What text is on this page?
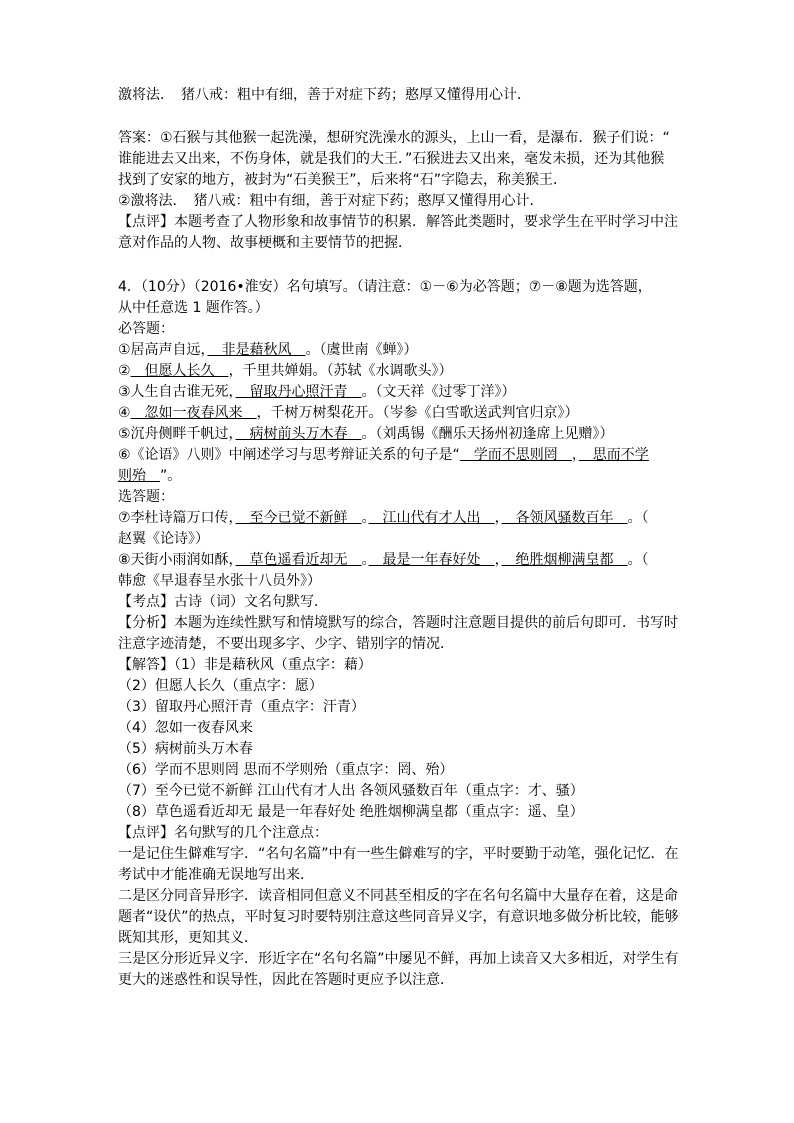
激将法．　猪八戒：粗中有细，善于对症下药；憨厚又懂得用心计．
答案：①石猴与其他猴一起洗澡，想研究洗澡水的源头，上山一看，是瀑布．猴子们说：“
谁能进去又出来，不伤身体，就是我们的大王．”石猴进去又出来，毫发未损，还为其他猴
找到了安家的地方，被封为“石美猴王”，后来将“石”字隐去，称美猴王．
②激将法．　猪八戒：粗中有细，善于对症下药；憨厚又懂得用心计．
【点评】本题考查了人物形象和故事情节的积累．解答此类题时，要求学生在平时学习中注
意对作品的人物、故事梗概和主要情节的把握．
4．（10分）（2016•淮安）名句填写。（请注意：①－⑥为必答题；⑦－⑧题为选答题，
从中任意选 1 题作答。）
必答题：
①居高声自远，　非是藉秋风　。（虞世南《蝉》）
②　但愿人长久　，千里共婵娟。（苏轼《水调歌头》）
③人生自古谁无死，　留取丹心照汗青　。（文天祥《过零丁洋》）
④　忽如一夜春风来　，千树万树梨花开。（岑参《白雪歌送武判官归京》）
⑤沉舟侧畔千帆过，　病树前头万木春　。（刘禹锡《酬乐天扬州初逢席上见赠》）
⑥《论语》八则》中阐述学习与思考辩证关系的句子是“　学而不思则罔　，　思而不学
则殆　”。
选答题：
⑦李杜诗篇万口传，　至今已觉不新鲜　。　江山代有才人出　，　各领风骚数百年　。（
赵翼《论诗》）
⑧天街小雨润如酥，　草色遥看近却无　。　最是一年春好处　，　绝胜烟柳满皇都　。（
韩愈《早退春呈水张十八员外》）
【考点】古诗（词）文名句默写．
【分析】本题为连续性默写和情境默写的综合，答题时注意题目提供的前后句即可．书写时
注意字迹清楚，不要出现多字、少字、错别字的情况．
【解答】（1）非是藉秋风（重点字：藉）
（2）但愿人长久（重点字：愿）
（3）留取丹心照汗青（重点字：汗青）
（4）忽如一夜春风来
（5）病树前头万木春
（6）学而不思则罔 思而不学则殆（重点字：罔、殆）
（7）至今已觉不新鲜 江山代有才人出 各领风骚数百年（重点字：才、骚）
（8）草色遥看近却无 最是一年春好处 绝胜烟柳满皇都（重点字：遥、皇）
【点评】名句默写的几个注意点：
一是记住生僻难写字．“名句名篇”中有一些生僻难写的字，平时要勤于动笔，强化记忆．在
考试中才能准确无误地写出来．
二是区分同音异形字．读音相同但意义不同甚至相反的字在名句名篇中大量存在着，这是命
题者“设伏”的热点，平时复习时要特别注意这些同音异义字，有意识地多做分析比较，能够
既知其形，更知其义．
三是区分形近异义字．形近字在“名句名篇”中屡见不鲜，再加上读音又大多相近，对学生有
更大的迷惑性和误导性，因此在答题时更应予以注意．
